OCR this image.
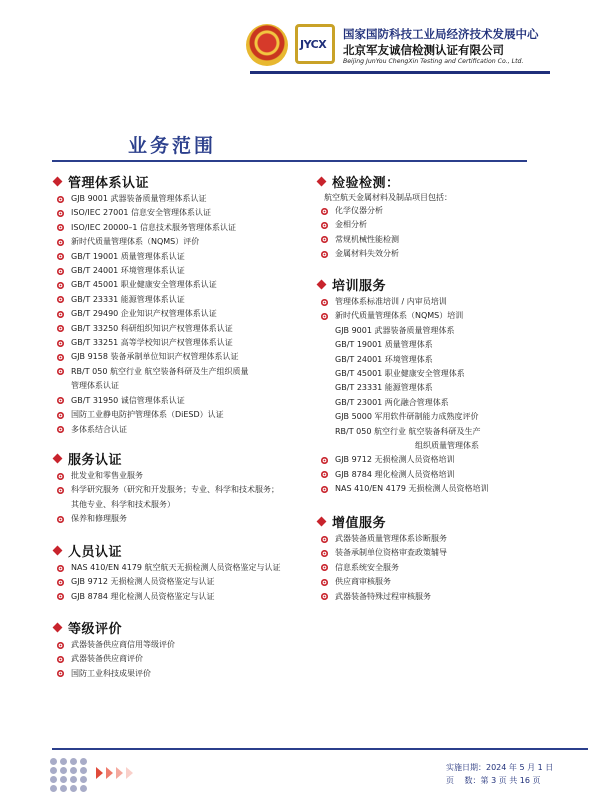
JYCX
国家国防科技工业局经济技术发展中心
北京军友诚信检测认证有限公司
Beijing JunYou ChengXin Testing and Certification Co., Ltd.
业务范围
管理体系认证
GJB 9001 武器装备质量管理体系认证
ISO/IEC 27001 信息安全管理体系认证
ISO/IEC 20000–1 信息技术服务管理体系认证
新时代质量管理体系（NQMS）评价
GB/T 19001 质量管理体系认证
GB/T 24001 环境管理体系认证
GB/T 45001 职业健康安全管理体系认证
GB/T 23331 能源管理体系认证
GB/T 29490 企业知识产权管理体系认证
GB/T 33250 科研组织知识产权管理体系认证
GB/T 33251 高等学校知识产权管理体系认证
GJB 9158 装备承制单位知识产权管理体系认证
RB/T 050 航空行业 航空装备科研及生产组织质量
管理体系认证
GB/T 31950 诚信管理体系认证
国防工业静电防护管理体系（DiESD）认证
多体系结合认证
服务认证
批发业和零售业服务
科学研究服务（研究和开发服务；专业、科学和技术服务；
其他专业、科学和技术服务）
保养和修理服务
人员认证
NAS 410/EN 4179 航空航天无损检测人员资格鉴定与认证
GJB 9712 无损检测人员资格鉴定与认证
GJB 8784 理化检测人员资格鉴定与认证
等级评价
武器装备供应商信用等级评价
武器装备供应商评价
国防工业科技成果评价
检验检测：
航空航天金属材料及制品项目包括：
化学仪器分析
金相分析
常规机械性能检测
金属材料失效分析
培训服务
管理体系标准培训 / 内审员培训
新时代质量管理体系（NQMS）培训
GJB 9001 武器装备质量管理体系
GB/T 19001 质量管理体系
GB/T 24001 环境管理体系
GB/T 45001 职业健康安全管理体系
GB/T 23331 能源管理体系
GB/T 23001 两化融合管理体系
GJB 5000 军用软件研制能力成熟度评价
RB/T 050 航空行业 航空装备科研及生产
组织质量管理体系
GJB 9712 无损检测人员资格培训
GJB 8784 理化检测人员资格培训
NAS 410/EN 4179 无损检测人员资格培训
增值服务
武器装备质量管理体系诊断服务
装备承制单位资格审查政策辅导
信息系统安全服务
供应商审核服务
武器装备特殊过程审核服务
实施日期：2024 年 5 月 1 日
页　 数：第 3 页 共 16 页
